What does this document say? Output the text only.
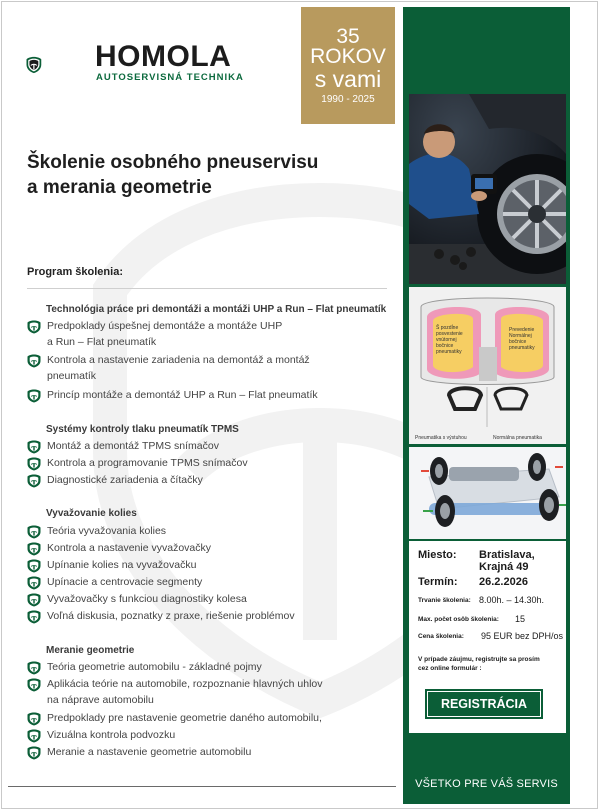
HOMOLA
AUTOSERVISNÁ TECHNIKA
35
ROKOV
s vami
1990 - 2025
Školenie osobného pneuservisu
a merania geometrie
Program školenia:
Technológia práce pri demontáži a montáži UHP a Run – Flat pneumatík
Predpoklady úspešnej demontáže a montáže UHP
a Run – Flat pneumatík
Kontrola a nastavenie zariadenia na demontáž a montáž
pneumatík
Princíp montáže a demontáž UHP a Run – Flat pneumatík
Systémy kontroly tlaku pneumatík TPMS
Montáž a demontáž TPMS snímačov
Kontrola a programovanie TPMS snímačov
Diagnostické zariadenia a čítačky
Vyvažovanie kolies
Teória vyvažovania kolies
Kontrola a nastavenie vyvažovačky
Upínanie kolies na vyvažovačku
Upínacie a centrovacie segmenty
Vyvažovačky s funkciou diagnostiky kolesa
Voľná diskusia, poznatky z praxe, riešenie problémov
Meranie geometrie
Teória geometrie automobilu - základné pojmy
Aplikácia teórie na automobile, rozpoznanie hlavných uhlov
na náprave automobilu
Predpoklady pre nastavenie geometrie daného automobilu,
Vizuálna kontrola podvozku
Meranie a nastavenie geometrie automobilu
Š pozdĺne
posvestenie
vnútornej
bočnice
pneumatiky
Prevedenie
Normálnej
bočnice
pneumatiky
Pneumatika s výstuhou	Normálna pneumatika
Miesto: Bratislava,
Krajná 49
Termín: 26.2.2026
Trvanie školenia: 8.00h. – 14.30h.
Max. počet osôb školenia: 15
Cena školenia: 95 EUR bez DPH/os
V prípade záujmu, registrujte sa prosím
cez online formulár :
REGISTRÁCIA
VŠETKO PRE VÁŠ SERVIS
